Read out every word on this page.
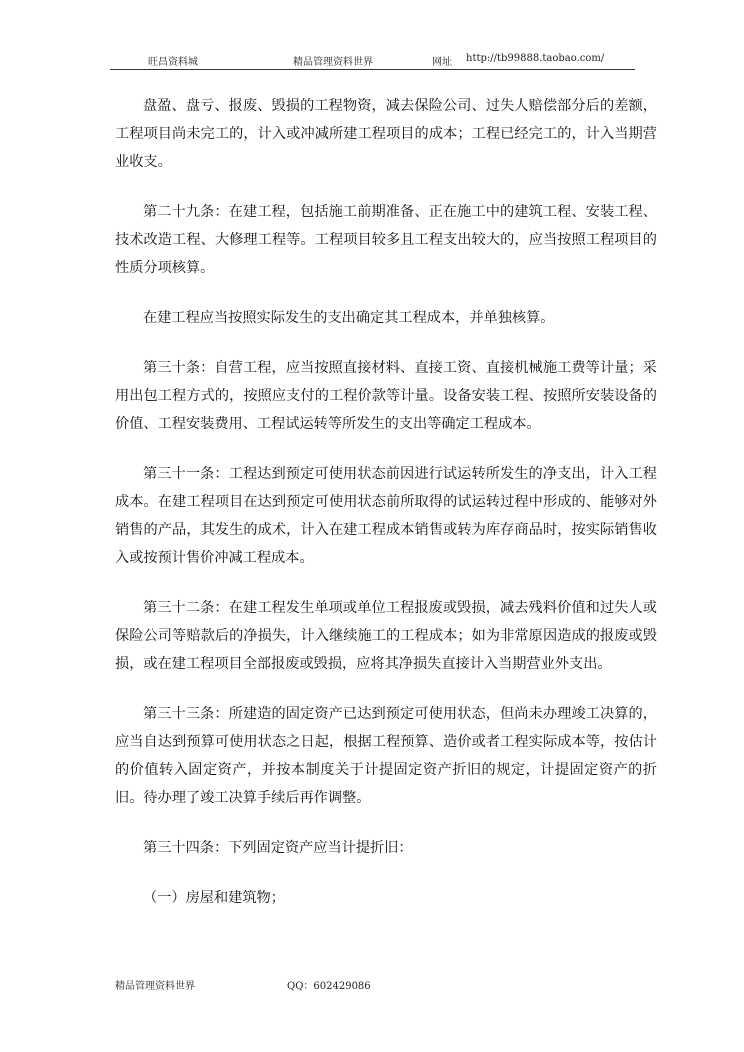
旺昌资料城	精品管理资料世界	网址 http://tb99888.taobao.com/

盘盈、盘亏、报废、毁损的工程物资，减去保险公司、过失人赔偿部分后的差额，工程项目尚未完工的，计入或冲减所建工程项目的成本；工程已经完工的，计入当期营业收支。

第二十九条：在建工程，包括施工前期准备、正在施工中的建筑工程、安装工程、技术改造工程、大修理工程等。工程项目较多且工程支出较大的，应当按照工程项目的性质分项核算。

在建工程应当按照实际发生的支出确定其工程成本，并单独核算。

第三十条：自营工程，应当按照直接材料、直接工资、直接机械施工费等计量；采用出包工程方式的，按照应支付的工程价款等计量。设备安装工程、按照所安装设备的价值、工程安装费用、工程试运转等所发生的支出等确定工程成本。

第三十一条：工程达到预定可使用状态前因进行试运转所发生的净支出，计入工程成本。在建工程项目在达到预定可使用状态前所取得的试运转过程中形成的、能够对外销售的产品，其发生的成术，计入在建工程成本销售或转为库存商品时，按实际销售收入或按预计售价冲减工程成本。

第三十二条：在建工程发生单项或单位工程报废或毁损，减去残料价值和过失人或保险公司等赔款后的净损失，计入继续施工的工程成本；如为非常原因造成的报废或毁损，或在建工程项目全部报废或毁损，应将其净损失直接计入当期营业外支出。

第三十三条：所建造的固定资产已达到预定可使用状态，但尚未办理竣工决算的，应当自达到预算可使用状态之日起，根据工程预算、造价或者工程实际成本等，按估计的价值转入固定资产，并按本制度关于计提固定资产折旧的规定，计提固定资产的折旧。待办理了竣工决算手续后再作调整。

第三十四条：下列固定资产应当计提折旧：

（一）房屋和建筑物；

精品管理资料世界	QQ：602429086
